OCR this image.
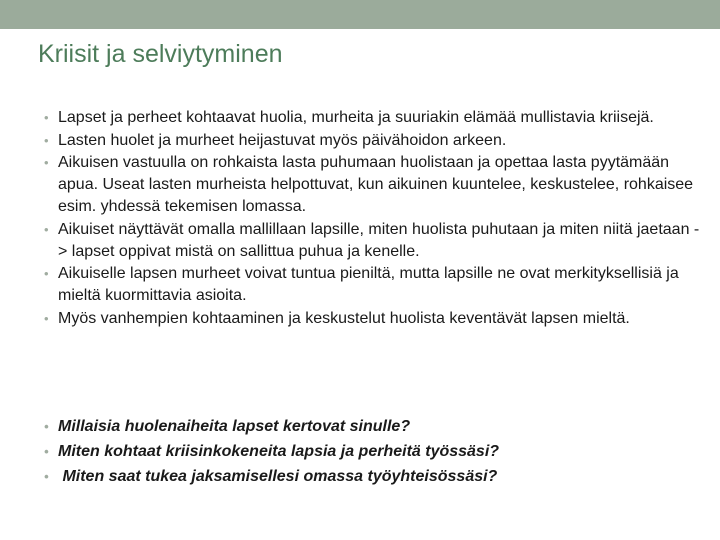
Kriisit ja selviytyminen
• Lapset ja perheet kohtaavat huolia, murheita ja suuriakin elämää mullistavia kriisejä.
• Lasten huolet ja murheet heijastuvat myös päivähoidon arkeen.
• Aikuisen vastuulla on rohkaista lasta puhumaan huolistaan ja opettaa lasta pyytämään apua. Useat lasten murheista helpottuvat, kun aikuinen kuuntelee, keskustelee, rohkaisee esim. yhdessä tekemisen lomassa.
• Aikuiset näyttävät omalla mallillaan lapsille, miten huolista puhutaan ja miten niitä jaetaan -> lapset oppivat mistä on sallittua puhua ja kenelle.
• Aikuiselle lapsen murheet voivat tuntua pieniltä, mutta lapsille ne ovat merkityksellisiä ja mieltä kuormittavia asioita.
• Myös vanhempien kohtaaminen ja keskustelut huolista keventävät lapsen mieltä.
• Millaisia huolenaiheita lapset kertovat sinulle?
• Miten kohtaat kriisinkokeneita lapsia ja perheitä työssäsi?
• Miten saat tukea jaksamisellesi omassa työyhteisössäsi?
